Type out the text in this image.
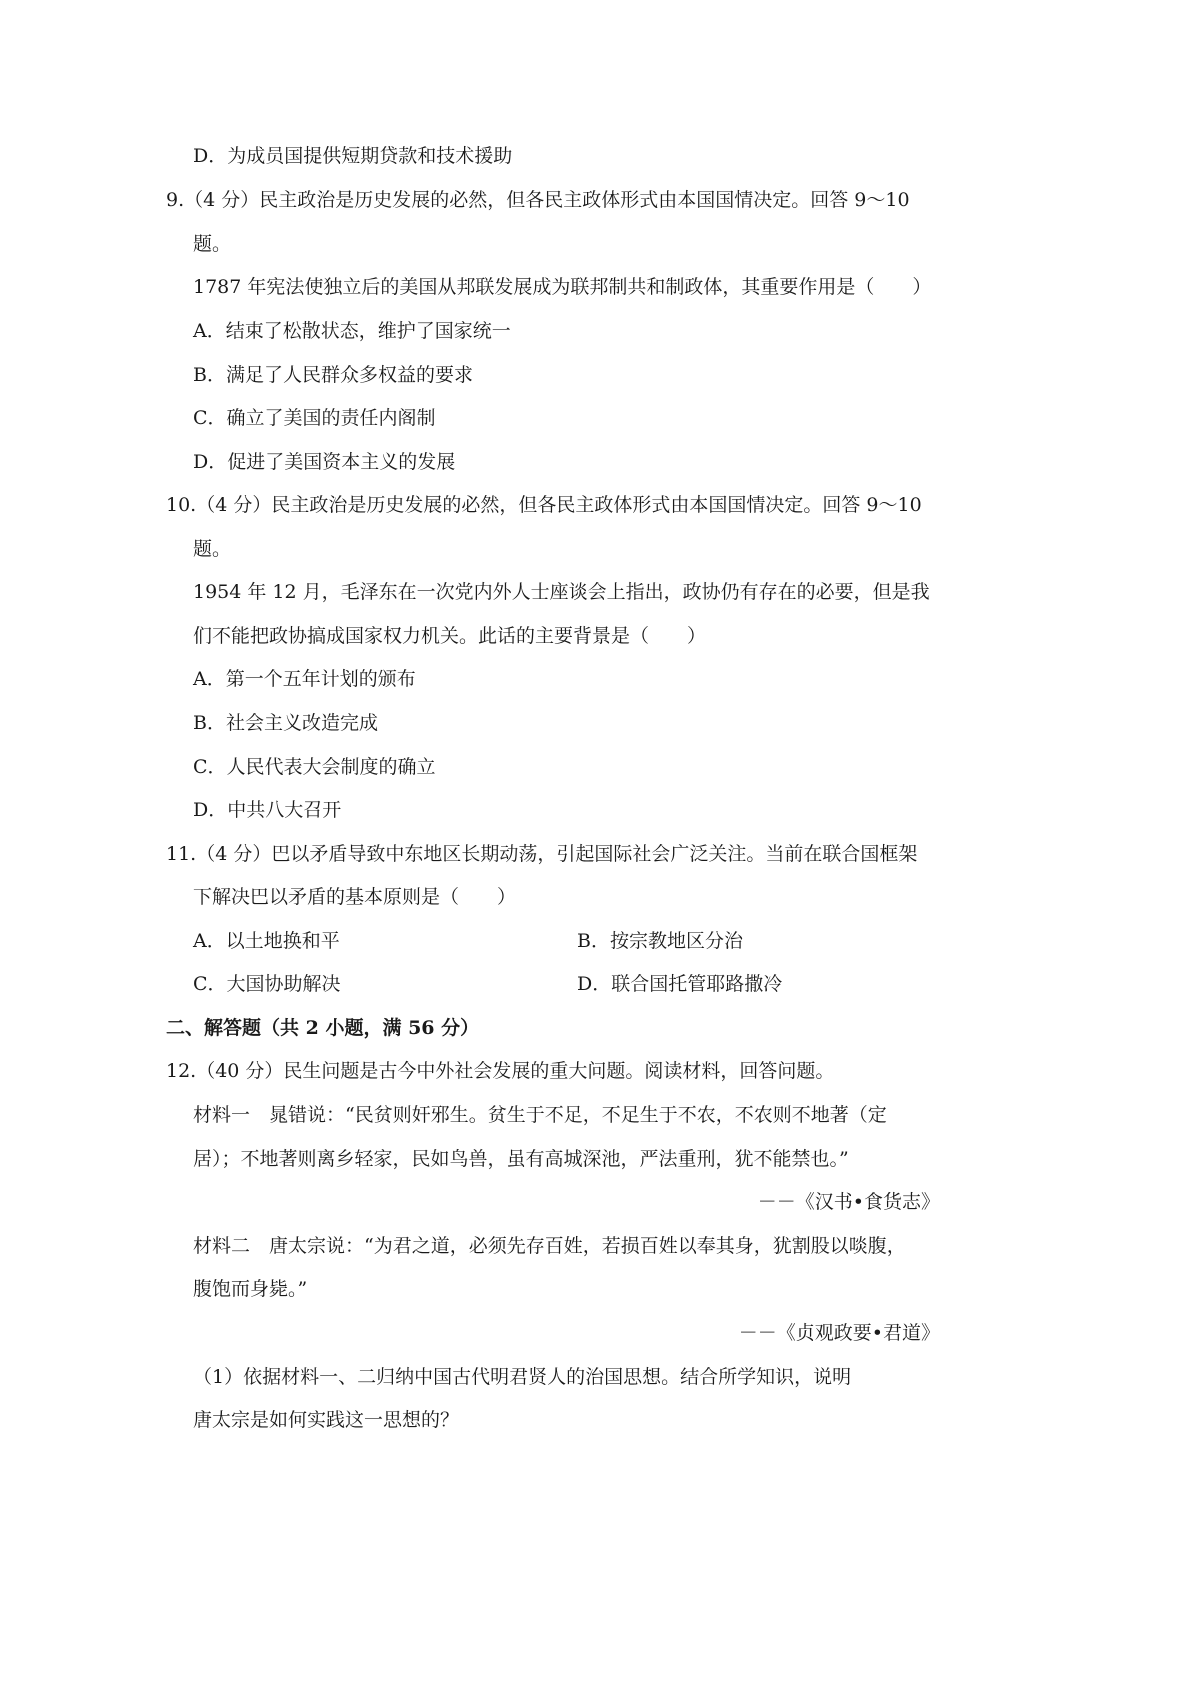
D．为成员国提供短期贷款和技术援助

9.（4 分）民主政治是历史发展的必然，但各民主政体形式由本国国情决定。回答 9～10

题。

1787 年宪法使独立后的美国从邦联发展成为联邦制共和制政体，其重要作用是（　　）

A．结束了松散状态，维护了国家统一

B．满足了人民群众多权益的要求

C．确立了美国的责任内阁制

D．促进了美国资本主义的发展

10.（4 分）民主政治是历史发展的必然，但各民主政体形式由本国国情决定。回答 9～10

题。

1954 年 12 月，毛泽东在一次党内外人士座谈会上指出，政协仍有存在的必要，但是我

们不能把政协搞成国家权力机关。此话的主要背景是（　　）

A．第一个五年计划的颁布

B．社会主义改造完成

C．人民代表大会制度的确立

D．中共八大召开

11.（4 分）巴以矛盾导致中东地区长期动荡，引起国际社会广泛关注。当前在联合国框架

下解决巴以矛盾的基本原则是（　　）

A．以土地换和平	B．按宗教地区分治

C．大国协助解决	D．联合国托管耶路撒冷

二、解答题（共 2 小题，满 56 分）

12.（40 分）民生问题是古今中外社会发展的重大问题。阅读材料，回答问题。

材料一　晁错说：“民贫则奸邪生。贫生于不足，不足生于不农，不农则不地著（定

居）；不地著则离乡轻家，民如鸟兽，虽有高城深池，严法重刑，犹不能禁也。”

－－《汉书•食货志》

材料二　唐太宗说：“为君之道，必须先存百姓，若损百姓以奉其身，犹割股以啖腹，

腹饱而身毙。”

－－《贞观政要•君道》

（1）依据材料一、二归纳中国古代明君贤人的治国思想。结合所学知识，说明

唐太宗是如何实践这一思想的？
